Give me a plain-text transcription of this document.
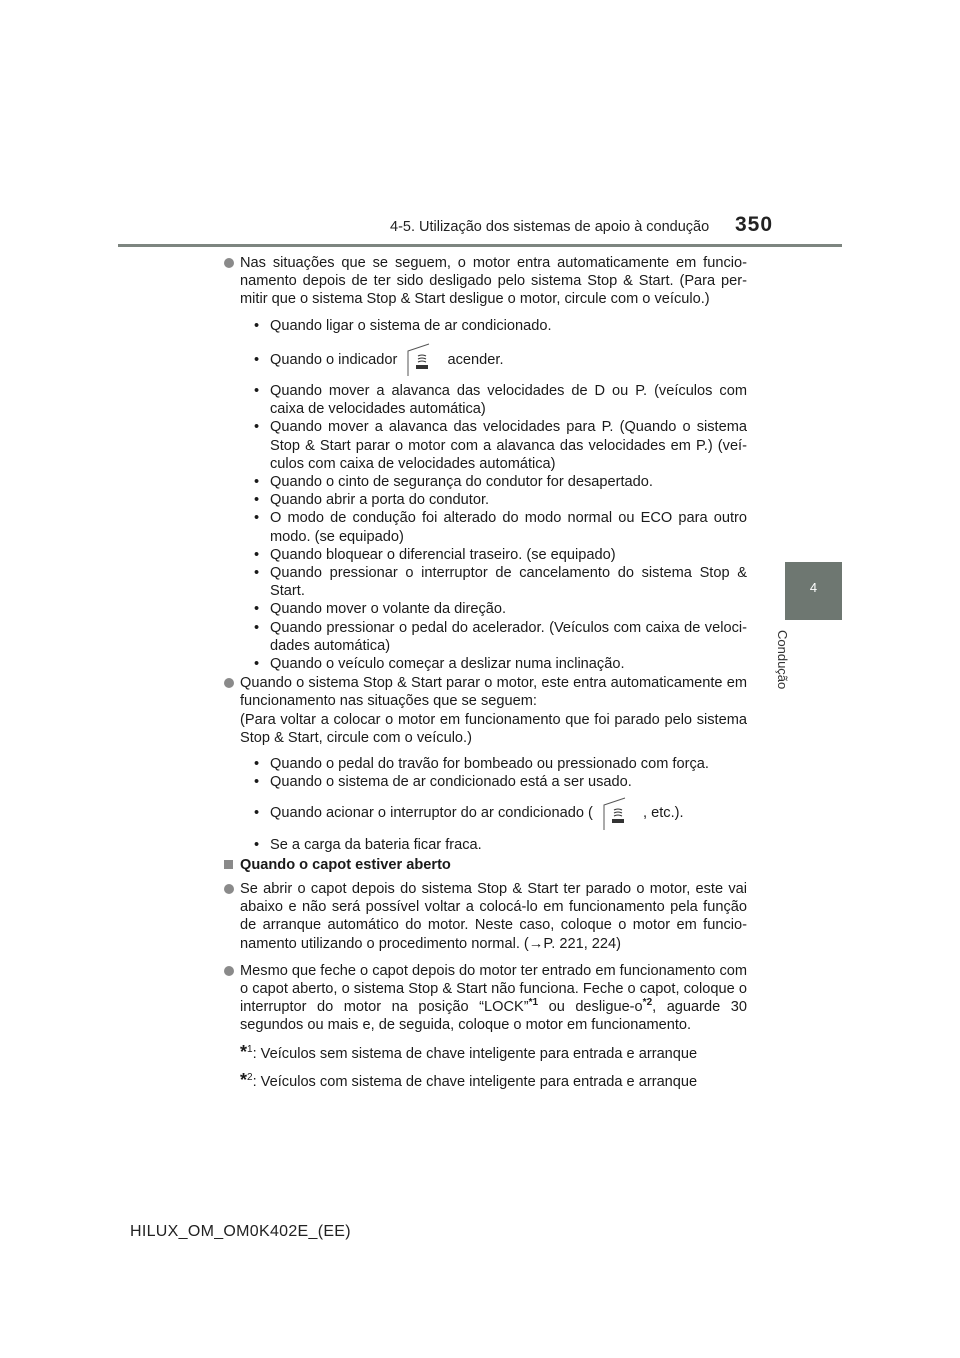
4-5. Utilização dos sistemas de apoio à condução 350
4
Condução
Nas situações que se seguem, o motor entra automaticamente em funcionamento depois de ter sido desligado pelo sistema Stop & Start. (Para permitir que o sistema Stop & Start desligue o motor, circule com o veículo.)
• Quando ligar o sistema de ar condicionado.
• Quando o indicador	acender.
• Quando mover a alavanca das velocidades de D ou P. (veículos com caixa de velocidades automática)
• Quando mover a alavanca das velocidades para P. (Quando o sistema Stop & Start parar o motor com a alavanca das velocidades em P.) (veículos com caixa de velocidades automática)
• Quando o cinto de segurança do condutor for desapertado.
• Quando abrir a porta do condutor.
• O modo de condução foi alterado do modo normal ou ECO para outro modo. (se equipado)
• Quando bloquear o diferencial traseiro. (se equipado)
• Quando pressionar o interruptor de cancelamento do sistema Stop & Start.
• Quando mover o volante da direção.
• Quando pressionar o pedal do acelerador. (Veículos com caixa de velocidades automática)
• Quando o veículo começar a deslizar numa inclinação.
Quando o sistema Stop & Start parar o motor, este entra automaticamente em funcionamento nas situações que se seguem:
(Para voltar a colocar o motor em funcionamento que foi parado pelo sistema Stop & Start, circule com o veículo.)
• Quando o pedal do travão for bombeado ou pressionado com força.
• Quando o sistema de ar condicionado está a ser usado.
• Quando acionar o interruptor do ar condicionado (	, etc.).
• Se a carga da bateria ficar fraca.
Quando o capot estiver aberto
Se abrir o capot depois do sistema Stop & Start ter parado o motor, este vai abaixo e não será possível voltar a colocá-lo em funcionamento pela função de arranque automático do motor. Neste caso, coloque o motor em funcionamento utilizando o procedimento normal. (→P. 221, 224)
Mesmo que feche o capot depois do motor ter entrado em funcionamento com o capot aberto, o sistema Stop & Start não funciona. Feche o capot, coloque o interruptor do motor na posição “LOCK”$^{*1}$ ou desligue-$o^{*2}$, aguarde 30 segundos ou mais e, de seguida, coloque o motor em funcionamento.
*$^1$: Veículos sem sistema de chave inteligente para entrada e arranque
*$^2$: Veículos com sistema de chave inteligente para entrada e arranque
HILUX_OM_OM0K402E_(EE)
